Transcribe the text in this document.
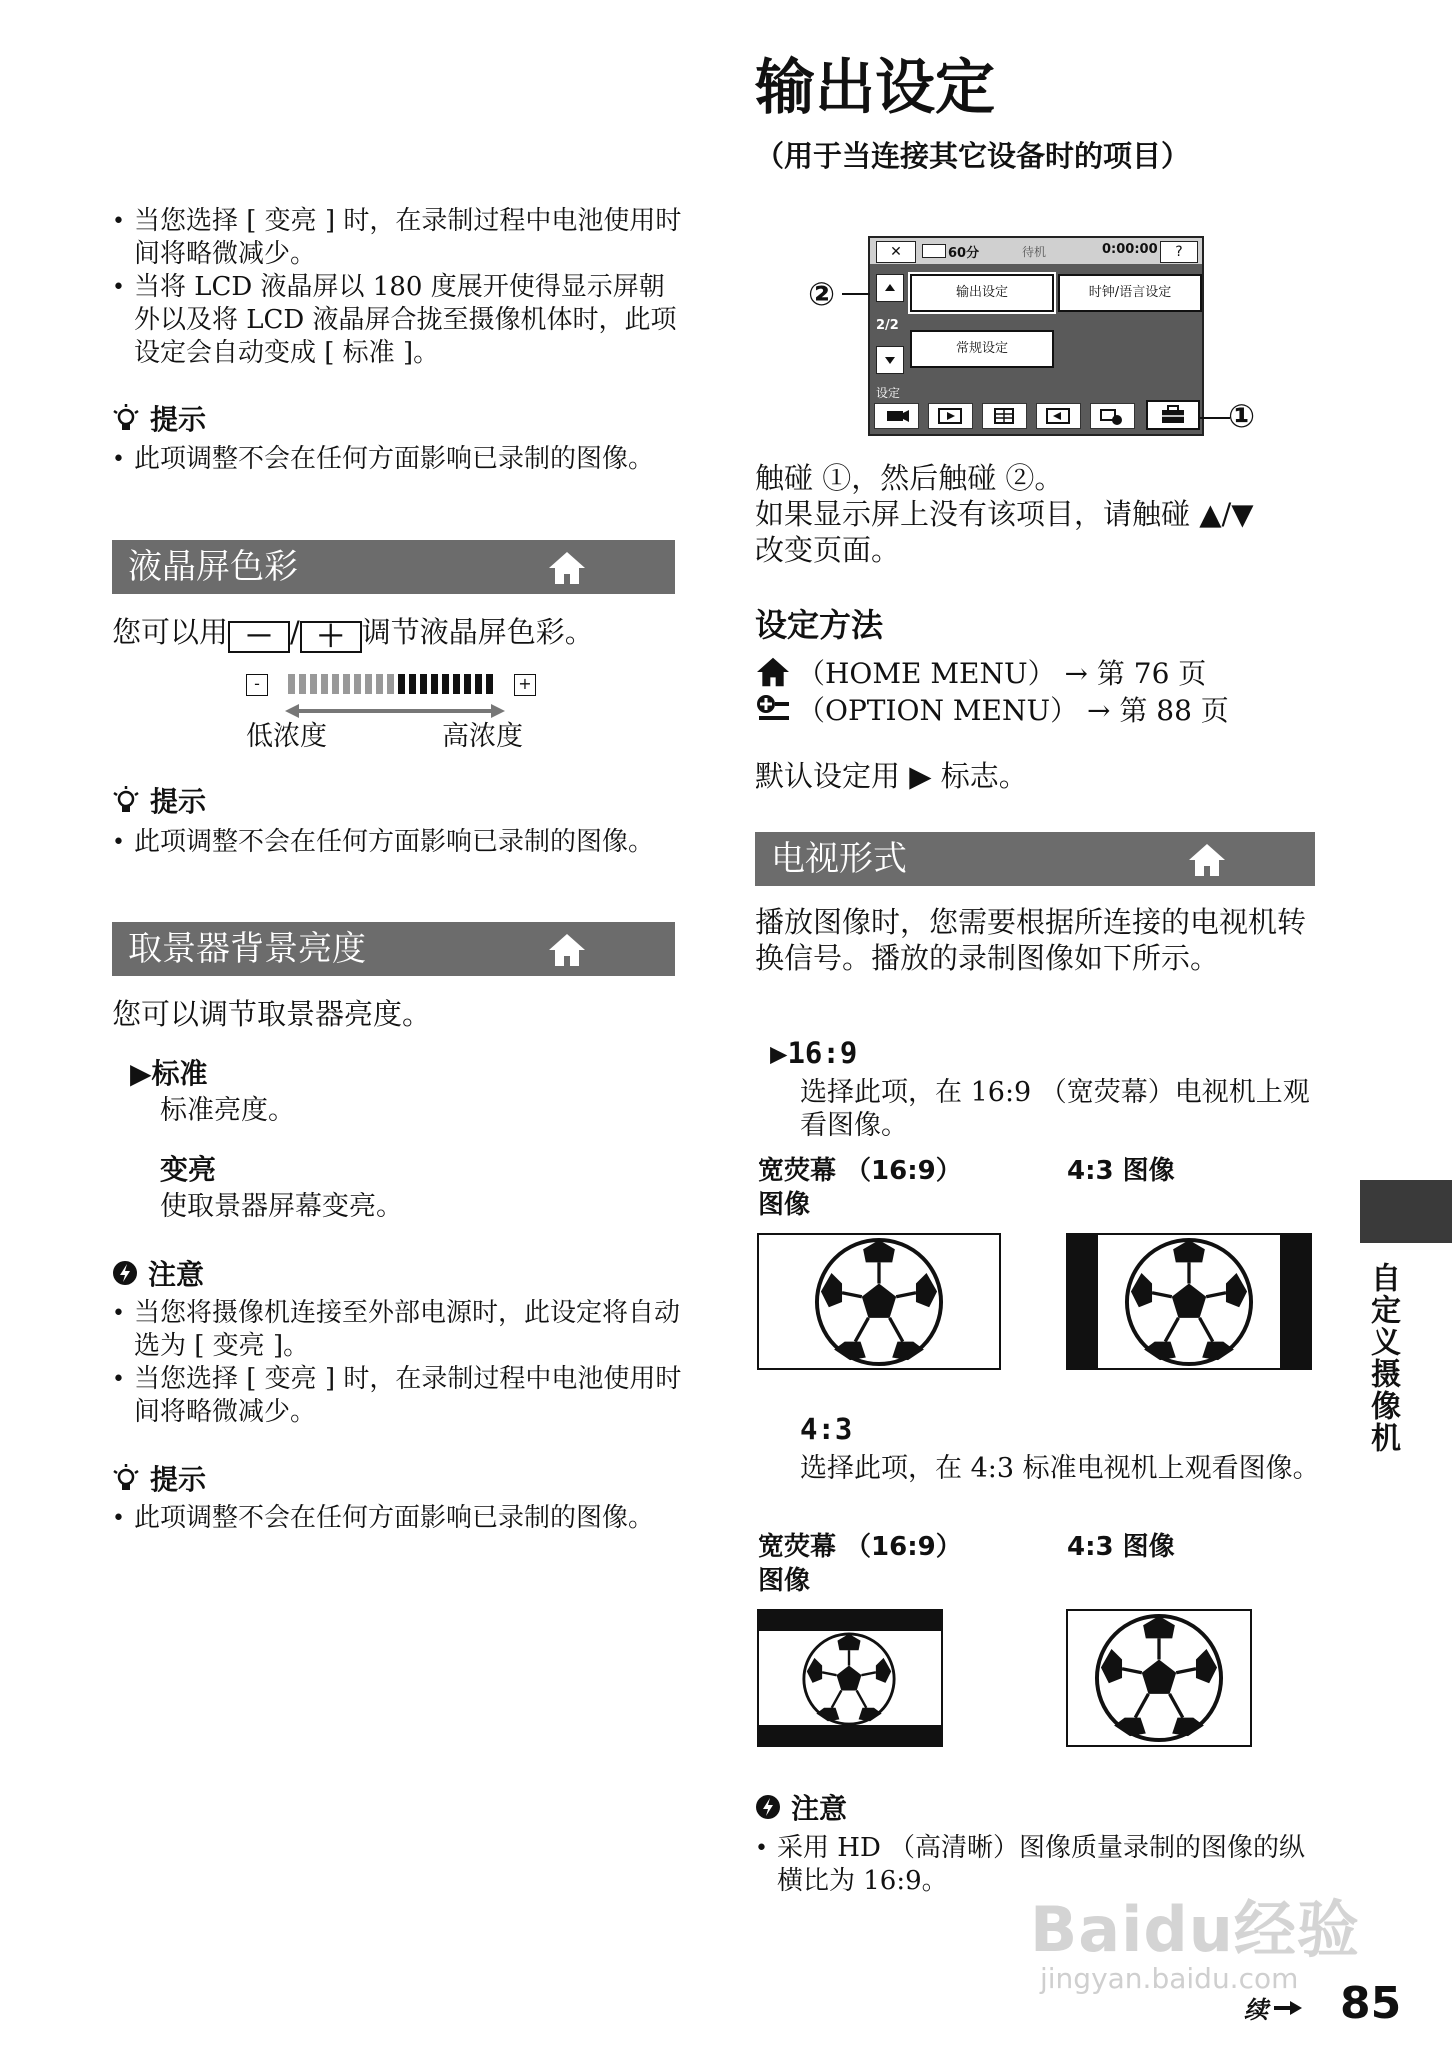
• 当您选择 [ 变亮 ] 时，在录制过程中电池使用时间将略微减少。
• 当将 LCD 液晶屏以 180 度展开使得显示屏朝外以及将 LCD 液晶屏合拢至摄像机体时，此项设定会自动变成 [ 标准 ]。
提示
• 此项调整不会在任何方面影响已录制的图像。
液晶屏色彩
您可以用 － / ＋ 调节液晶屏色彩。
-	+
低浓度	高浓度
提示
• 此项调整不会在任何方面影响已录制的图像。
取景器背景亮度
您可以调节取景器亮度。
▶标准
标准亮度。
变亮
使取景器屏幕变亮。
注意
• 当您将摄像机连接至外部电源时，此设定将自动选为 [ 变亮 ]。
• 当您选择 [ 变亮 ] 时，在录制过程中电池使用时间将略微减少。
提示
• 此项调整不会在任何方面影响已录制的图像。
输出设定
（用于当连接其它设备时的项目）
✕	60分	待机	0:00:00	?
2/2
输出设定	时钟/语言设定
常规设定
设定
②
①
触碰 ①，然后触碰 ②。
如果显示屏上没有该项目，请触碰 ▲/▼
改变页面。
设定方法
（HOME MENU） → 第 76 页
（OPTION MENU） → 第 88 页
默认设定用 ▶ 标志。
电视形式
播放图像时，您需要根据所连接的电视机转换信号。播放的录制图像如下所示。
▶16:9
选择此项，在 16:9 （宽荧幕）电视机上观看图像。
宽荧幕 （16:9）
图像
4:3 图像
4:3
选择此项，在 4:3 标准电视机上观看图像。
宽荧幕 （16:9）
图像
4:3 图像
注意
• 采用 HD （高清晰）图像质量录制的图像的纵横比为 16:9。
自定义摄像机
Baidu经验
jingyan.baidu.com
续 85
